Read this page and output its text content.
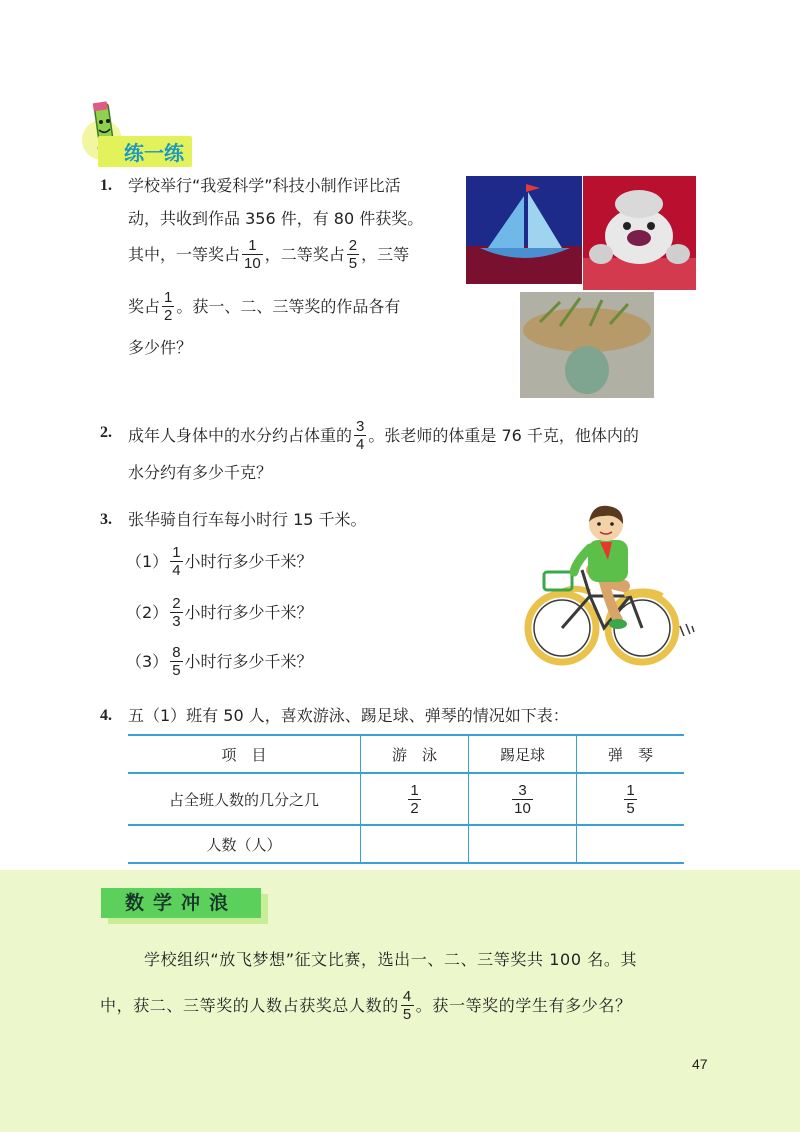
练一练
1. 学校举行“我爱科学”科技小制作评比活
动，共收到作品 356 件，有 80 件获奖。
其中，一等奖占 $\frac{1}{10}$ ，二等奖占 $\frac{2}{5}$ ，三等
奖占 $\frac{1}{2}$ 。获一、二、三等奖的作品各有
多少件？
2. 成年人身体中的水分约占体重的 $\frac{3}{4}$ 。张老师的体重是 76 千克，他体内的
水分约有多少千克？
3. 张华骑自行车每小时行 15 千米。
$(1) \frac{1}{4}$ 小时行多少千米？
$(2) \frac{2}{3}$ 小时行多少千米？
$(3) \frac{8}{5}$ 小时行多少千米？
4. 五（1）班有 50 人，喜欢游泳、踢足球、弹琴的情况如下表：
项　目	游　泳	踢足球	弹　琴
占全班人数的几分之几	$\frac{1}{2}$	$\frac{3}{10}$	$\frac{1}{5}$

人数（人）			
数学冲浪
学校组织“放飞梦想”征文比赛，选出一、二、三等奖共 100 名。其
中，获二、三等奖的人数占获奖总人数的 $\frac{4}{5}$ 。获一等奖的学生有多少名？
47
